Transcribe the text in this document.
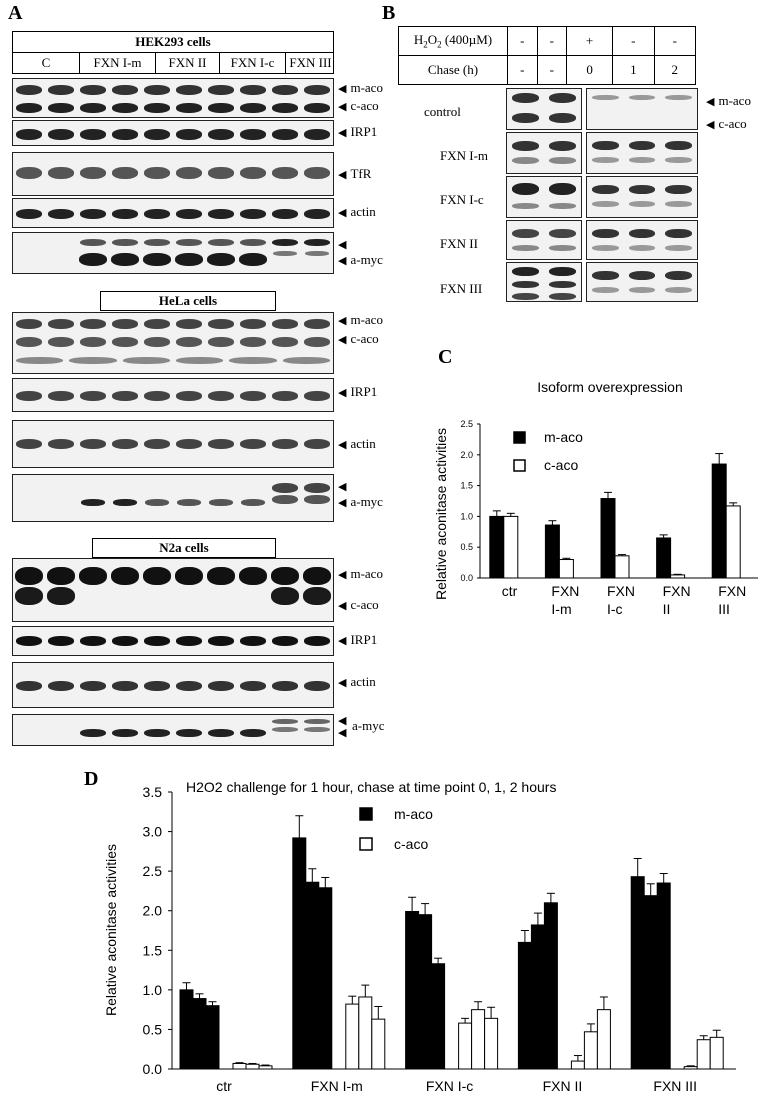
A
HEK293 cells
C	FXN I-m	FXN II	FXN I-c	FXN III
◀ m-aco
◀ c-aco
◀ IRP1
◀ TfR
◀ actin
◀
◀ a-myc
HeLa cells
◀ m-aco
◀ c-aco
◀ IRP1
◀ actin
◀
◀ a-myc
N2a cells
◀ m-aco
◀ c-aco
◀ IRP1
◀ actin
◀
◀ a-myc
B
$H_2O_2$ (400µM)	-	-	+	-	-
Chase (h)	-	-	0	1	2
control
FXN I-m
FXN I-c
FXN II
FXN III
◀ m-aco
◀ c-aco
C
Isoform overexpression
Relative aconitase activities 0.0
0.5
1.0
1.5
2.0
2.5
ctr FXN
I-m
FXN
I-c
FXN
II
FXN
III
m-aco
c-aco
D	H2O2 challenge for 1 hour, chase at time point 0, 1, 2 hours
Relative aconitase activities
0.0
0.5
1.0
1.5
2.0
2.5
3.0
3.5
ctr	FXN I-m	FXN I-c	FXN II	FXN III
m-aco
c-aco
